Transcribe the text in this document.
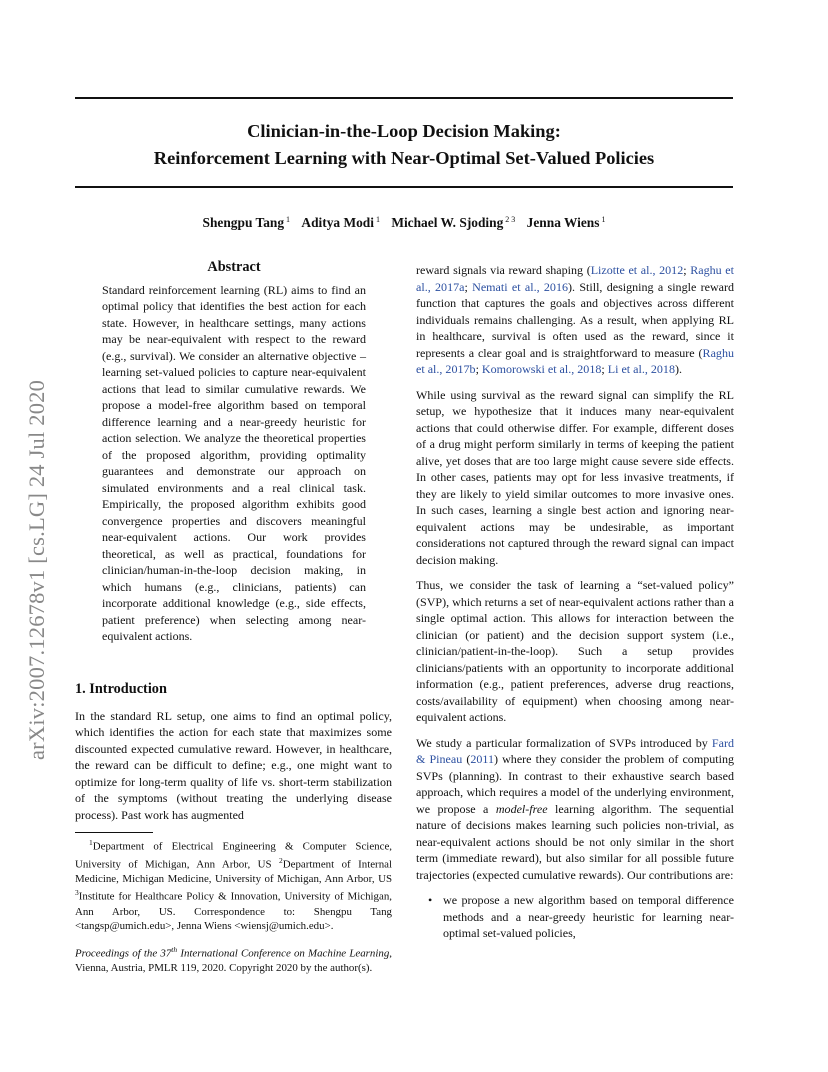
arXiv:2007.12678v1 [cs.LG] 24 Jul 2020
Clinician-in-the-Loop Decision Making:
Reinforcement Learning with Near-Optimal Set-Valued Policies
Shengpu Tang $^1$ Aditya Modi $^1$ Michael W. Sjoding $^{2 3}$ Jenna Wiens $^1$

Abstract

Standard reinforcement learning (RL) aims to find an optimal policy that identifies the best action for each state. However, in healthcare settings, many actions may be near-equivalent with respect to the reward (e.g., survival). We consider an alternative objective – learning set-valued policies to capture near-equivalent actions that lead to similar cumulative rewards. We propose a model-free algorithm based on temporal difference learning and a near-greedy heuristic for action selection. We analyze the theoretical properties of the proposed algorithm, providing optimality guarantees and demonstrate our approach on simulated environments and a real clinical task. Empirically, the proposed algorithm exhibits good convergence properties and discovers meaningful near-equivalent actions. Our work provides theoretical, as well as practical, foundations for clinician/human-in-the-loop decision making, in which humans (e.g., clinicians, patients) can incorporate additional knowledge (e.g., side effects, patient preference) when selecting among near-equivalent actions.

1. Introduction

In the standard RL setup, one aims to find an optimal policy, which identifies the action for each state that maximizes some discounted expected cumulative reward. However, in healthcare, the reward can be difficult to define; e.g., one might want to optimize for long-term quality of life vs. short-term stabilization of the symptoms (without treating the underlying disease process). Past work has augmented

$^1$Department of Electrical Engineering & Computer Science, University of Michigan, Ann Arbor, US $^2$Department of Internal Medicine, Michigan Medicine, University of Michigan, Ann Arbor, US $^3$Institute for Healthcare Policy & Innovation, University of Michigan, Ann Arbor, US. Correspondence to: Shengpu Tang <tangsp@umich.edu>, Jenna Wiens <wiensj@umich.edu>.

Proceedings of the 37th International Conference on Machine Learning, Vienna, Austria, PMLR 119, 2020. Copyright 2020 by the author(s).

reward signals via reward shaping (Lizotte et al., 2012; Raghu et al., 2017a; Nemati et al., 2016). Still, designing a single reward function that captures the goals and objectives across different individuals remains challenging. As a result, when applying RL in healthcare, survival is often used as the reward, since it represents a clear goal and is straightforward to measure (Raghu et al., 2017b; Komorowski et al., 2018; Li et al., 2018).

While using survival as the reward signal can simplify the RL setup, we hypothesize that it induces many near-equivalent actions that could otherwise differ. For example, different doses of a drug might perform similarly in terms of keeping the patient alive, yet doses that are too large might cause severe side effects. In other cases, patients may opt for less invasive treatments, if they are likely to yield similar outcomes to more invasive ones. In such cases, learning a single best action and ignoring near-equivalent actions may be undesirable, as important considerations not captured through the reward signal can impact decision making.

Thus, we consider the task of learning a “set-valued policy” (SVP), which returns a set of near-equivalent actions rather than a single optimal action. This allows for interaction between the clinician (or patient) and the decision support system (i.e., clinician/patient-in-the-loop). Such a setup provides clinicians/patients with an opportunity to incorporate additional information (e.g., patient preferences, adverse drug reactions, costs/availability of equipment) when choosing among near-equivalent actions.

We study a particular formalization of SVPs introduced by Fard & Pineau (2011) where they consider the problem of computing SVPs (planning). In contrast to their exhaustive search based approach, which requires a model of the underlying environment, we propose a model-free learning algorithm. The sequential nature of decisions makes learning such policies non-trivial, as near-equivalent actions should be not only similar in the short term (immediate reward), but also similar for all possible future trajectories (expected cumulative rewards). Our contributions are:

• we propose a new algorithm based on temporal difference methods and a near-greedy heuristic for learning near-optimal set-valued policies,
